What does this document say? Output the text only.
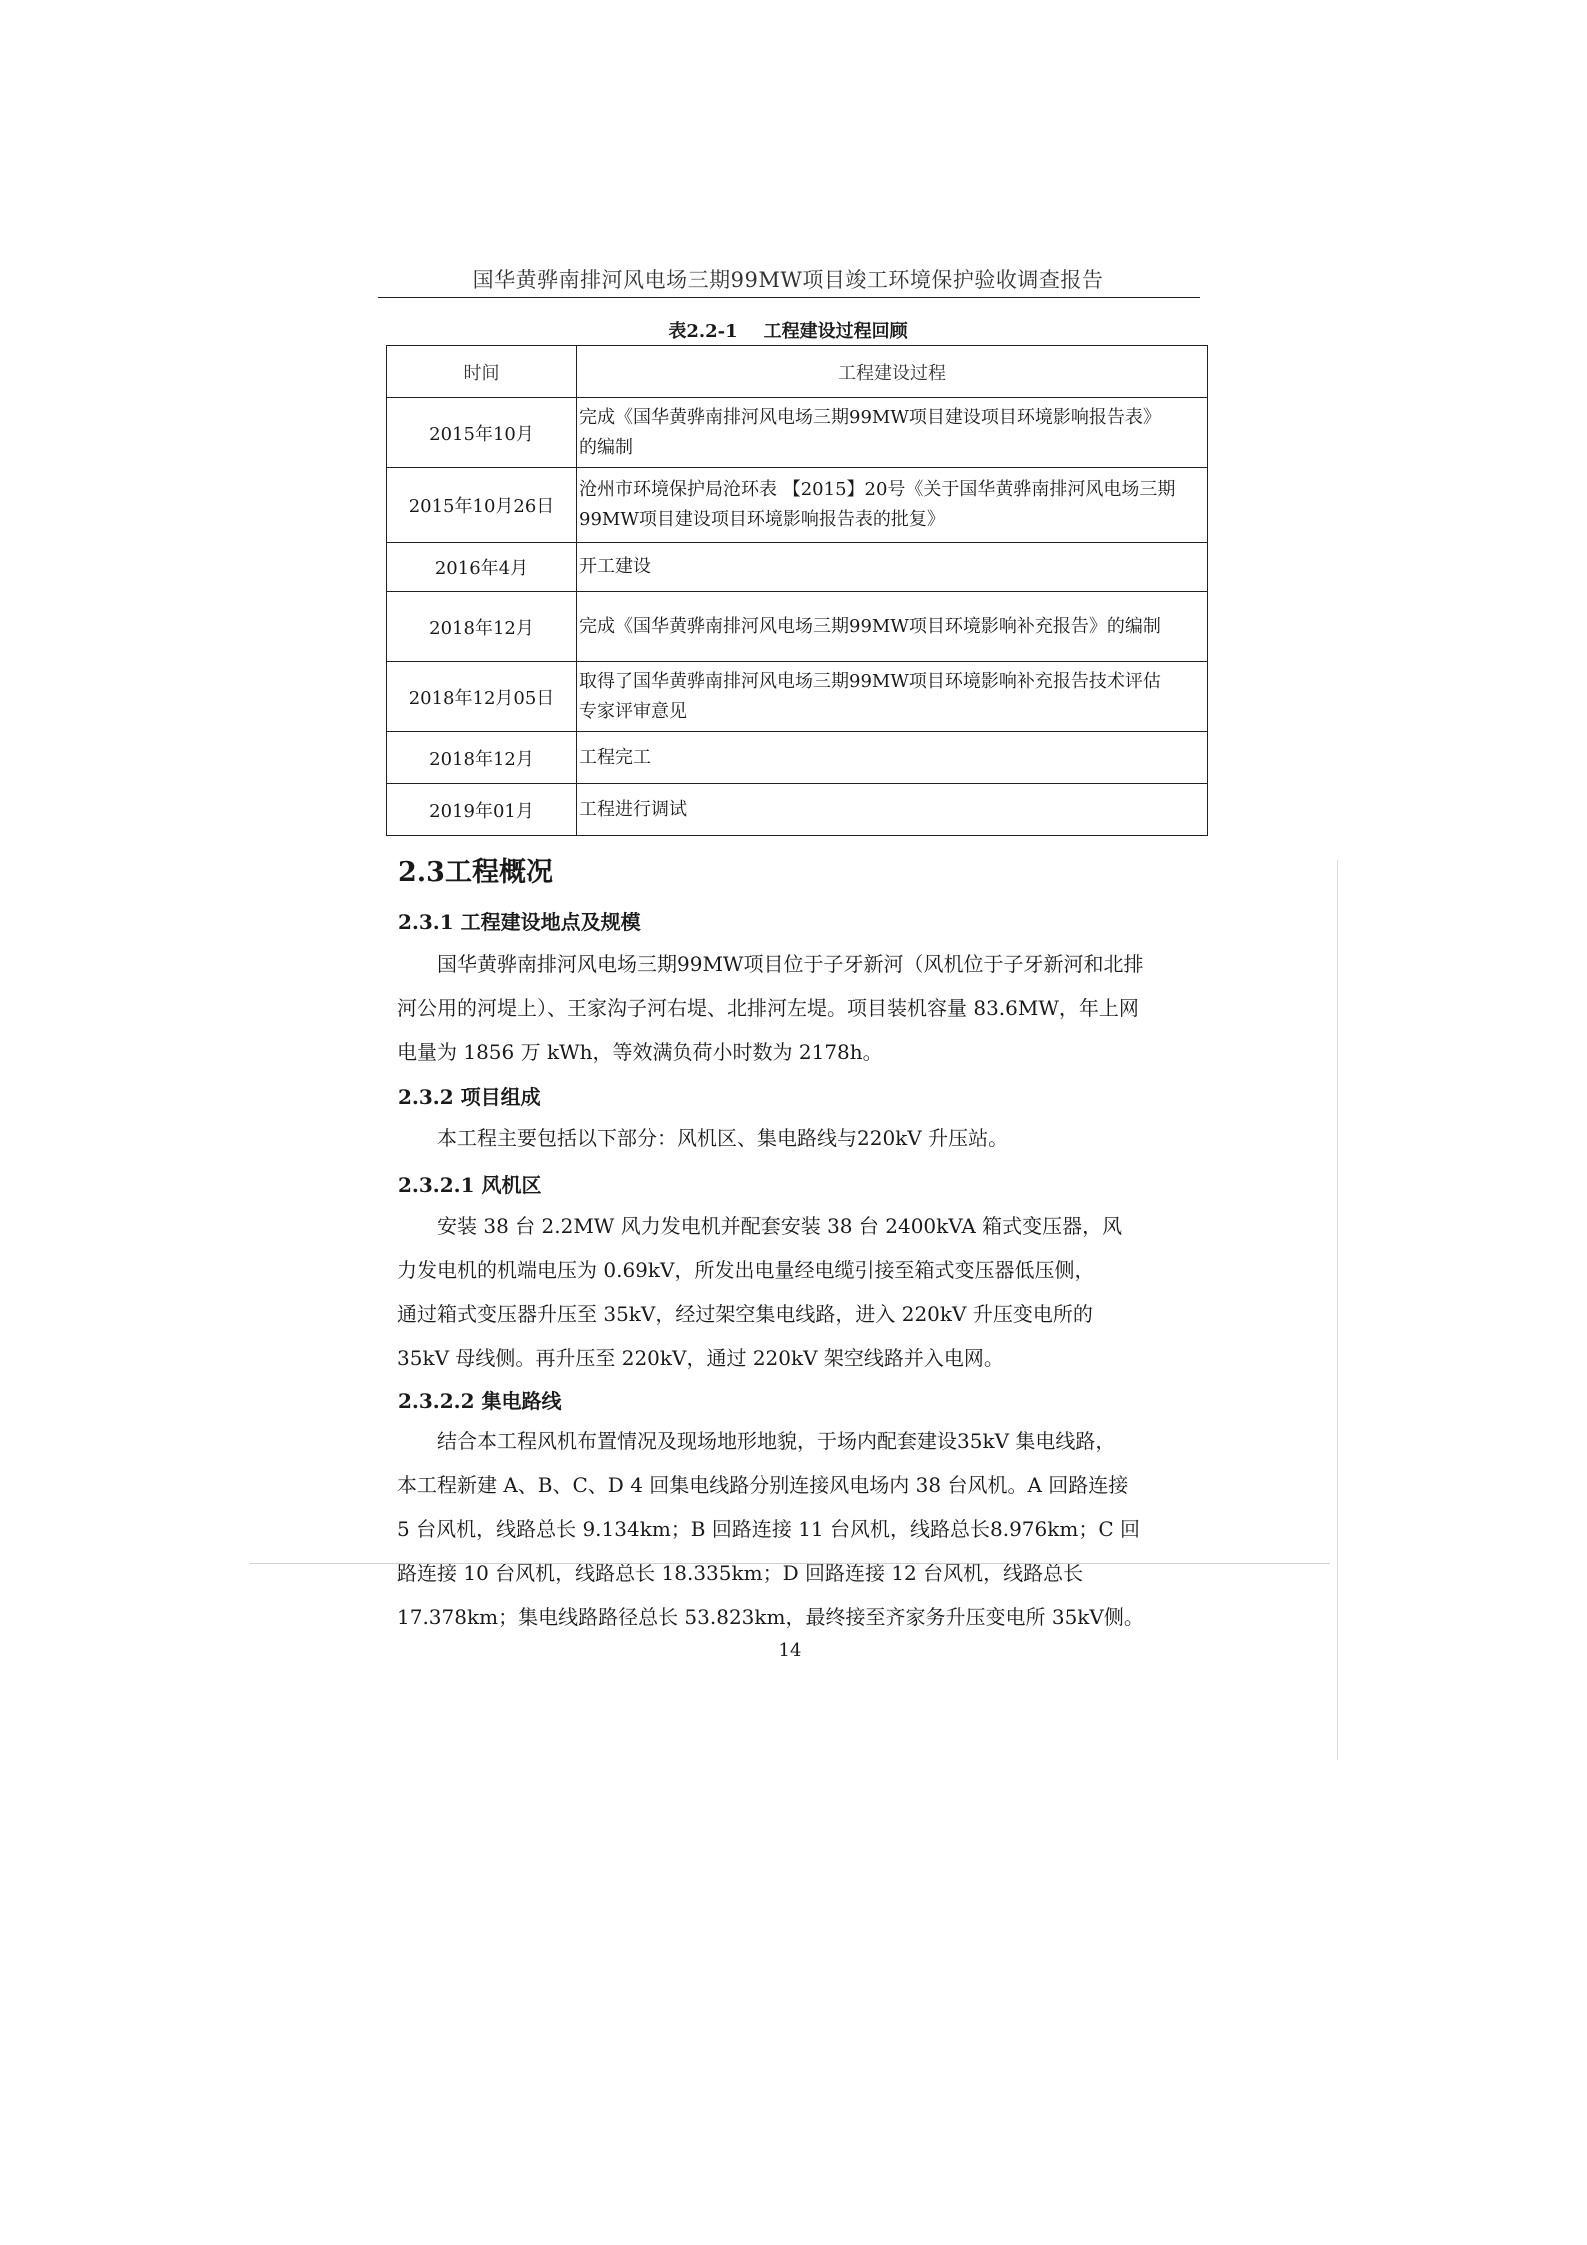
国华黄骅南排河风电场三期99MW项目竣工环境保护验收调查报告
表2.2-1 工程建设过程回顾
时间	工程建设过程
2015年10月	完成《国华黄骅南排河风电场三期99MW项目建设项目环境影响报告表》
的编制
2015年10月26日	沧州市环境保护局沧环表 【2015】20号《关于国华黄骅南排河风电场三期
99MW项目建设项目环境影响报告表的批复》
2016年4月	开工建设
2018年12月	完成《国华黄骅南排河风电场三期99MW项目环境影响补充报告》的编制
2018年12月05日	取得了国华黄骅南排河风电场三期99MW项目环境影响补充报告技术评估
专家评审意见
2018年12月	工程完工
2019年01月	工程进行调试
2.3工程概况
2.3.1 工程建设地点及规模

国华黄骅南排河风电场三期99MW项目位于子牙新河（风机位于子牙新河和北排

河公用的河堤上）、王家沟子河右堤、北排河左堤。项目装机容量 83.6MW，年上网

电量为 1856 万 kWh，等效满负荷小时数为 2178h。

2.3.2 项目组成

本工程主要包括以下部分：风机区、集电路线与220kV 升压站。

2.3.2.1 风机区

安装 38 台 2.2MW 风力发电机并配套安装 38 台 2400kVA 箱式变压器，风

力发电机的机端电压为 0.69kV，所发出电量经电缆引接至箱式变压器低压侧，

通过箱式变压器升压至 35kV，经过架空集电线路，进入 220kV 升压变电所的

35kV 母线侧。再升压至 220kV，通过 220kV 架空线路并入电网。

2.3.2.2 集电路线

结合本工程风机布置情况及现场地形地貌，于场内配套建设35kV 集电线路，

本工程新建 A、B、C、D 4 回集电线路分别连接风电场内 38 台风机。A 回路连接

5 台风机，线路总长 9.134km；B 回路连接 11 台风机，线路总长8.976km；C 回

路连接 10 台风机，线路总长 18.335km；D 回路连接 12 台风机，线路总长

17.378km；集电线路路径总长 53.823km，最终接至齐家务升压变电所 35kV侧。

14
